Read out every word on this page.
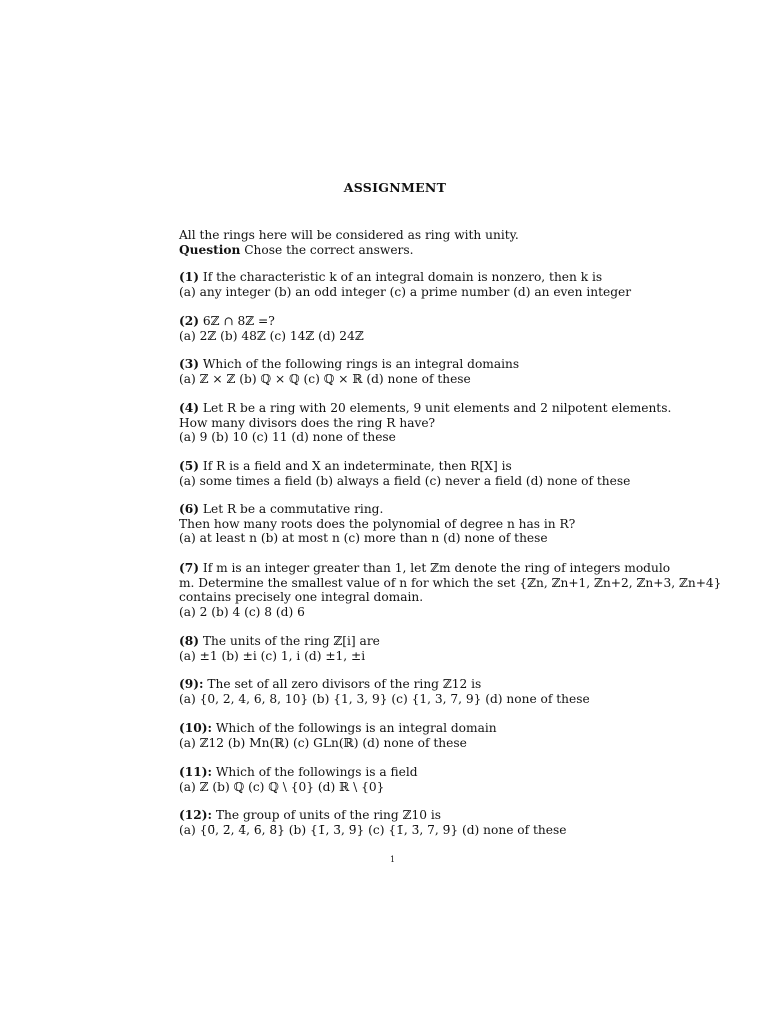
ASSIGNMENT
All the rings here will be considered as ring with unity.
Question Chose the correct answers.
(1) If the characteristic k of an integral domain is nonzero, then k is
(a) any integer (b) an odd integer (c) a prime number (d) an even integer
(2) 6ℤ ∩ 8ℤ =?
(a) 2ℤ (b) 48ℤ (c) 14ℤ (d) 24ℤ
(3) Which of the following rings is an integral domains
(a) ℤ × ℤ (b) ℚ × ℚ (c) ℚ × ℝ (d) none of these
(4) Let R be a ring with 20 elements, 9 unit elements and 2 nilpotent elements.
How many divisors does the ring R have?
(a) 9 (b) 10 (c) 11 (d) none of these
(5) If R is a field and X an indeterminate, then R[X] is
(a) some times a field (b) always a field (c) never a field (d) none of these
(6) Let R be a commutative ring.
Then how many roots does the polynomial of degree n has in R?
(a) at least n (b) at most n (c) more than n (d) none of these
(7) If m is an integer greater than 1, let ℤm denote the ring of integers modulo
m. Determine the smallest value of n for which the set {ℤn, ℤn+1, ℤn+2, ℤn+3, ℤn+4}
contains precisely one integral domain.
(a) 2 (b) 4 (c) 8 (d) 6
(8) The units of the ring ℤ[i] are
(a) ±1 (b) ±i (c) 1, i (d) ±1, ±i
(9): The set of all zero divisors of the ring ℤ12 is
(a) {0, 2, 4, 6, 8, 10} (b) {1, 3, 9} (c) {1, 3, 7, 9} (d) none of these
(10): Which of the followings is an integral domain
(a) ℤ12 (b) Mn(ℝ) (c) GLn(ℝ) (d) none of these
(11): Which of the followings is a field
(a) ℤ (b) ℚ (c) ℚ \ {0} (d) ℝ \ {0}
(12): The group of units of the ring ℤ10 is
(a) {0̄, 2̄, 4̄, 6̄, 8̄} (b) {1̄, 3̄, 9̄} (c) {1̄, 3̄, 7̄, 9̄} (d) none of these
1
